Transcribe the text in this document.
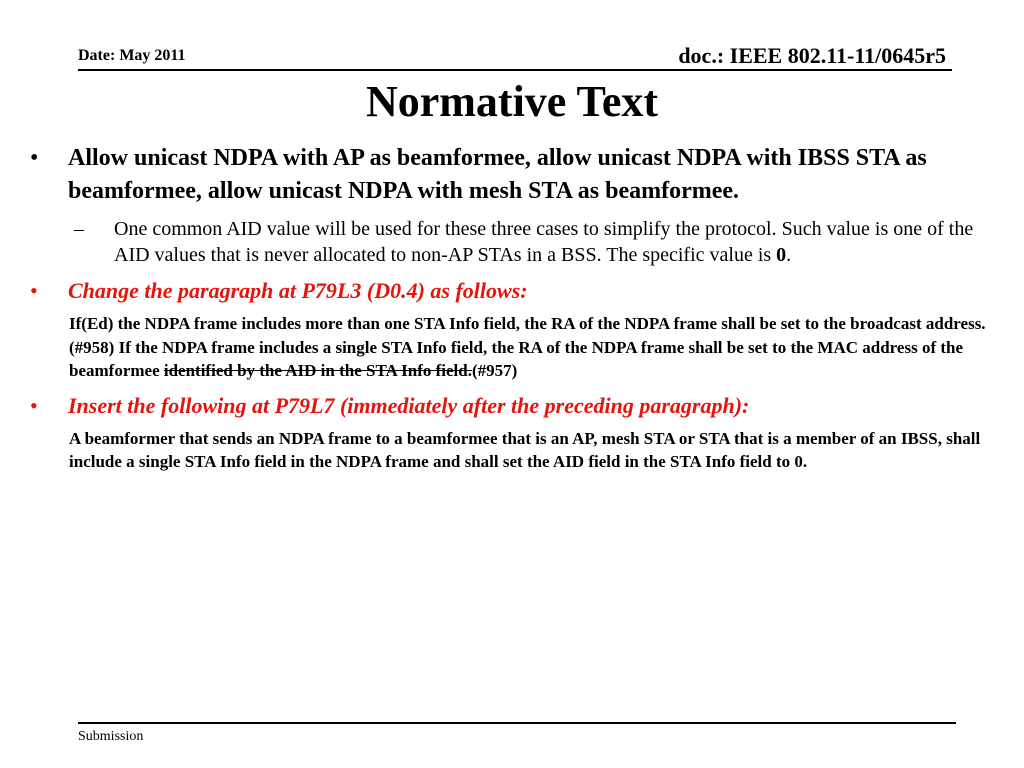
Date: May 2011	doc.: IEEE 802.11-11/0645r5
Normative Text
• Allow unicast NDPA with AP as beamformee, allow unicast NDPA with IBSS STA as beamformee, allow unicast NDPA with mesh STA as beamformee.
– One common AID value will be used for these three cases to simplify the protocol. Such value is one of the AID values that is never allocated to non-AP STAs in a BSS. The specific value is 0.
• Change the paragraph at P79L3 (D0.4) as follows:
If(Ed) the NDPA frame includes more than one STA Info field, the RA of the NDPA frame shall be set to the broadcast address.(#958) If the NDPA frame includes a single STA Info field, the RA of the NDPA frame shall be set to the MAC address of the beamformee identified by the AID in the STA Info field.(#957)
• Insert the following at P79L7 (immediately after the preceding paragraph):
A beamformer that sends an NDPA frame to a beamformee that is an AP, mesh STA or STA that is a member of an IBSS, shall include a single STA Info field in the NDPA frame and shall set the AID field in the STA Info field to 0.
Submission
